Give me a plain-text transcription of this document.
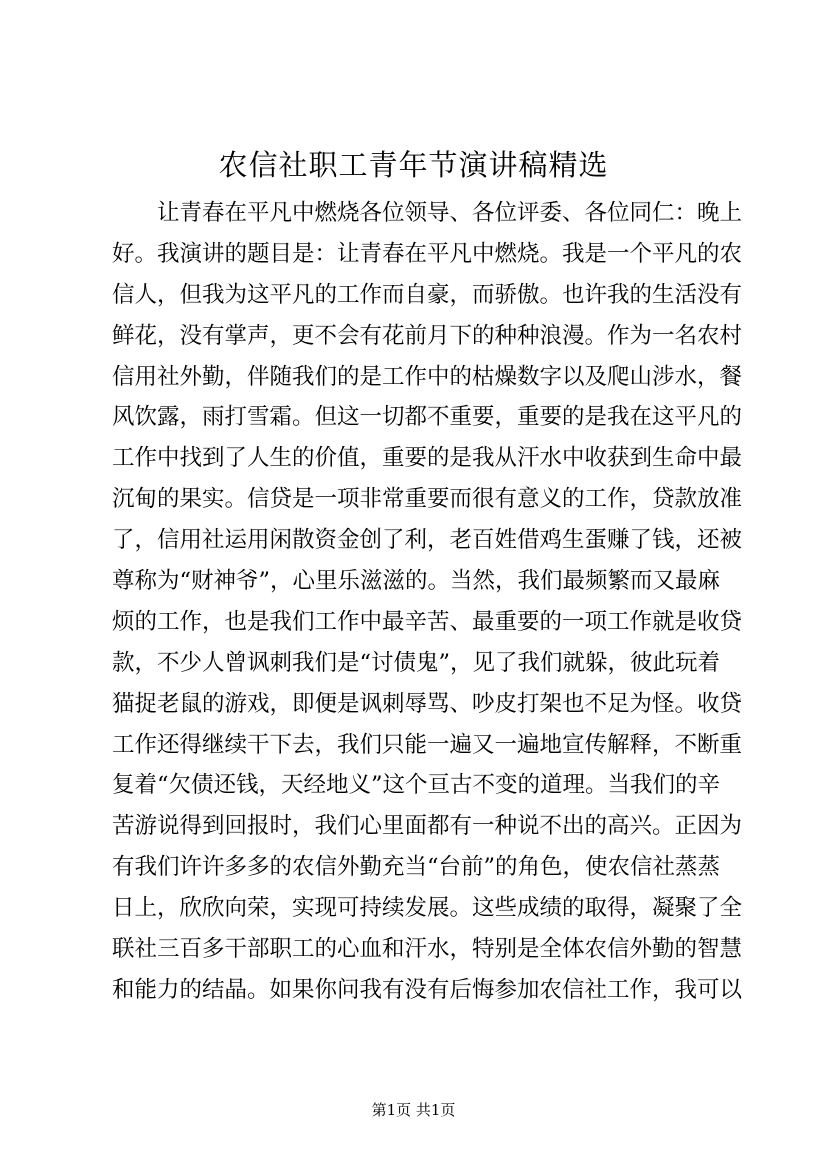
农信社职工青年节演讲稿精选

让青春在平凡中燃烧各位领导、各位评委、各位同仁：晚上

好。我演讲的题目是：让青春在平凡中燃烧。我是一个平凡的农

信人，但我为这平凡的工作而自豪，而骄傲。也许我的生活没有

鲜花，没有掌声，更不会有花前月下的种种浪漫。作为一名农村

信用社外勤，伴随我们的是工作中的枯燥数字以及爬山涉水，餐

风饮露，雨打雪霜。但这一切都不重要，重要的是我在这平凡的

工作中找到了人生的价值，重要的是我从汗水中收获到生命中最

沉甸的果实。信贷是一项非常重要而很有意义的工作，贷款放准

了，信用社运用闲散资金创了利，老百姓借鸡生蛋赚了钱，还被

尊称为“财神爷”，心里乐滋滋的。当然，我们最频繁而又最麻

烦的工作，也是我们工作中最辛苦、最重要的一项工作就是收贷

款，不少人曾讽刺我们是“讨债鬼”，见了我们就躲，彼此玩着

猫捉老鼠的游戏，即便是讽刺辱骂、吵皮打架也不足为怪。收贷

工作还得继续干下去，我们只能一遍又一遍地宣传解释，不断重

复着“欠债还钱，天经地义”这个亘古不变的道理。当我们的辛

苦游说得到回报时，我们心里面都有一种说不出的高兴。正因为

有我们许许多多的农信外勤充当“台前”的角色，使农信社蒸蒸

日上，欣欣向荣，实现可持续发展。这些成绩的取得，凝聚了全

联社三百多干部职工的心血和汗水，特别是全体农信外勤的智慧

和能力的结晶。如果你问我有没有后悔参加农信社工作，我可以

第1页 共1页
